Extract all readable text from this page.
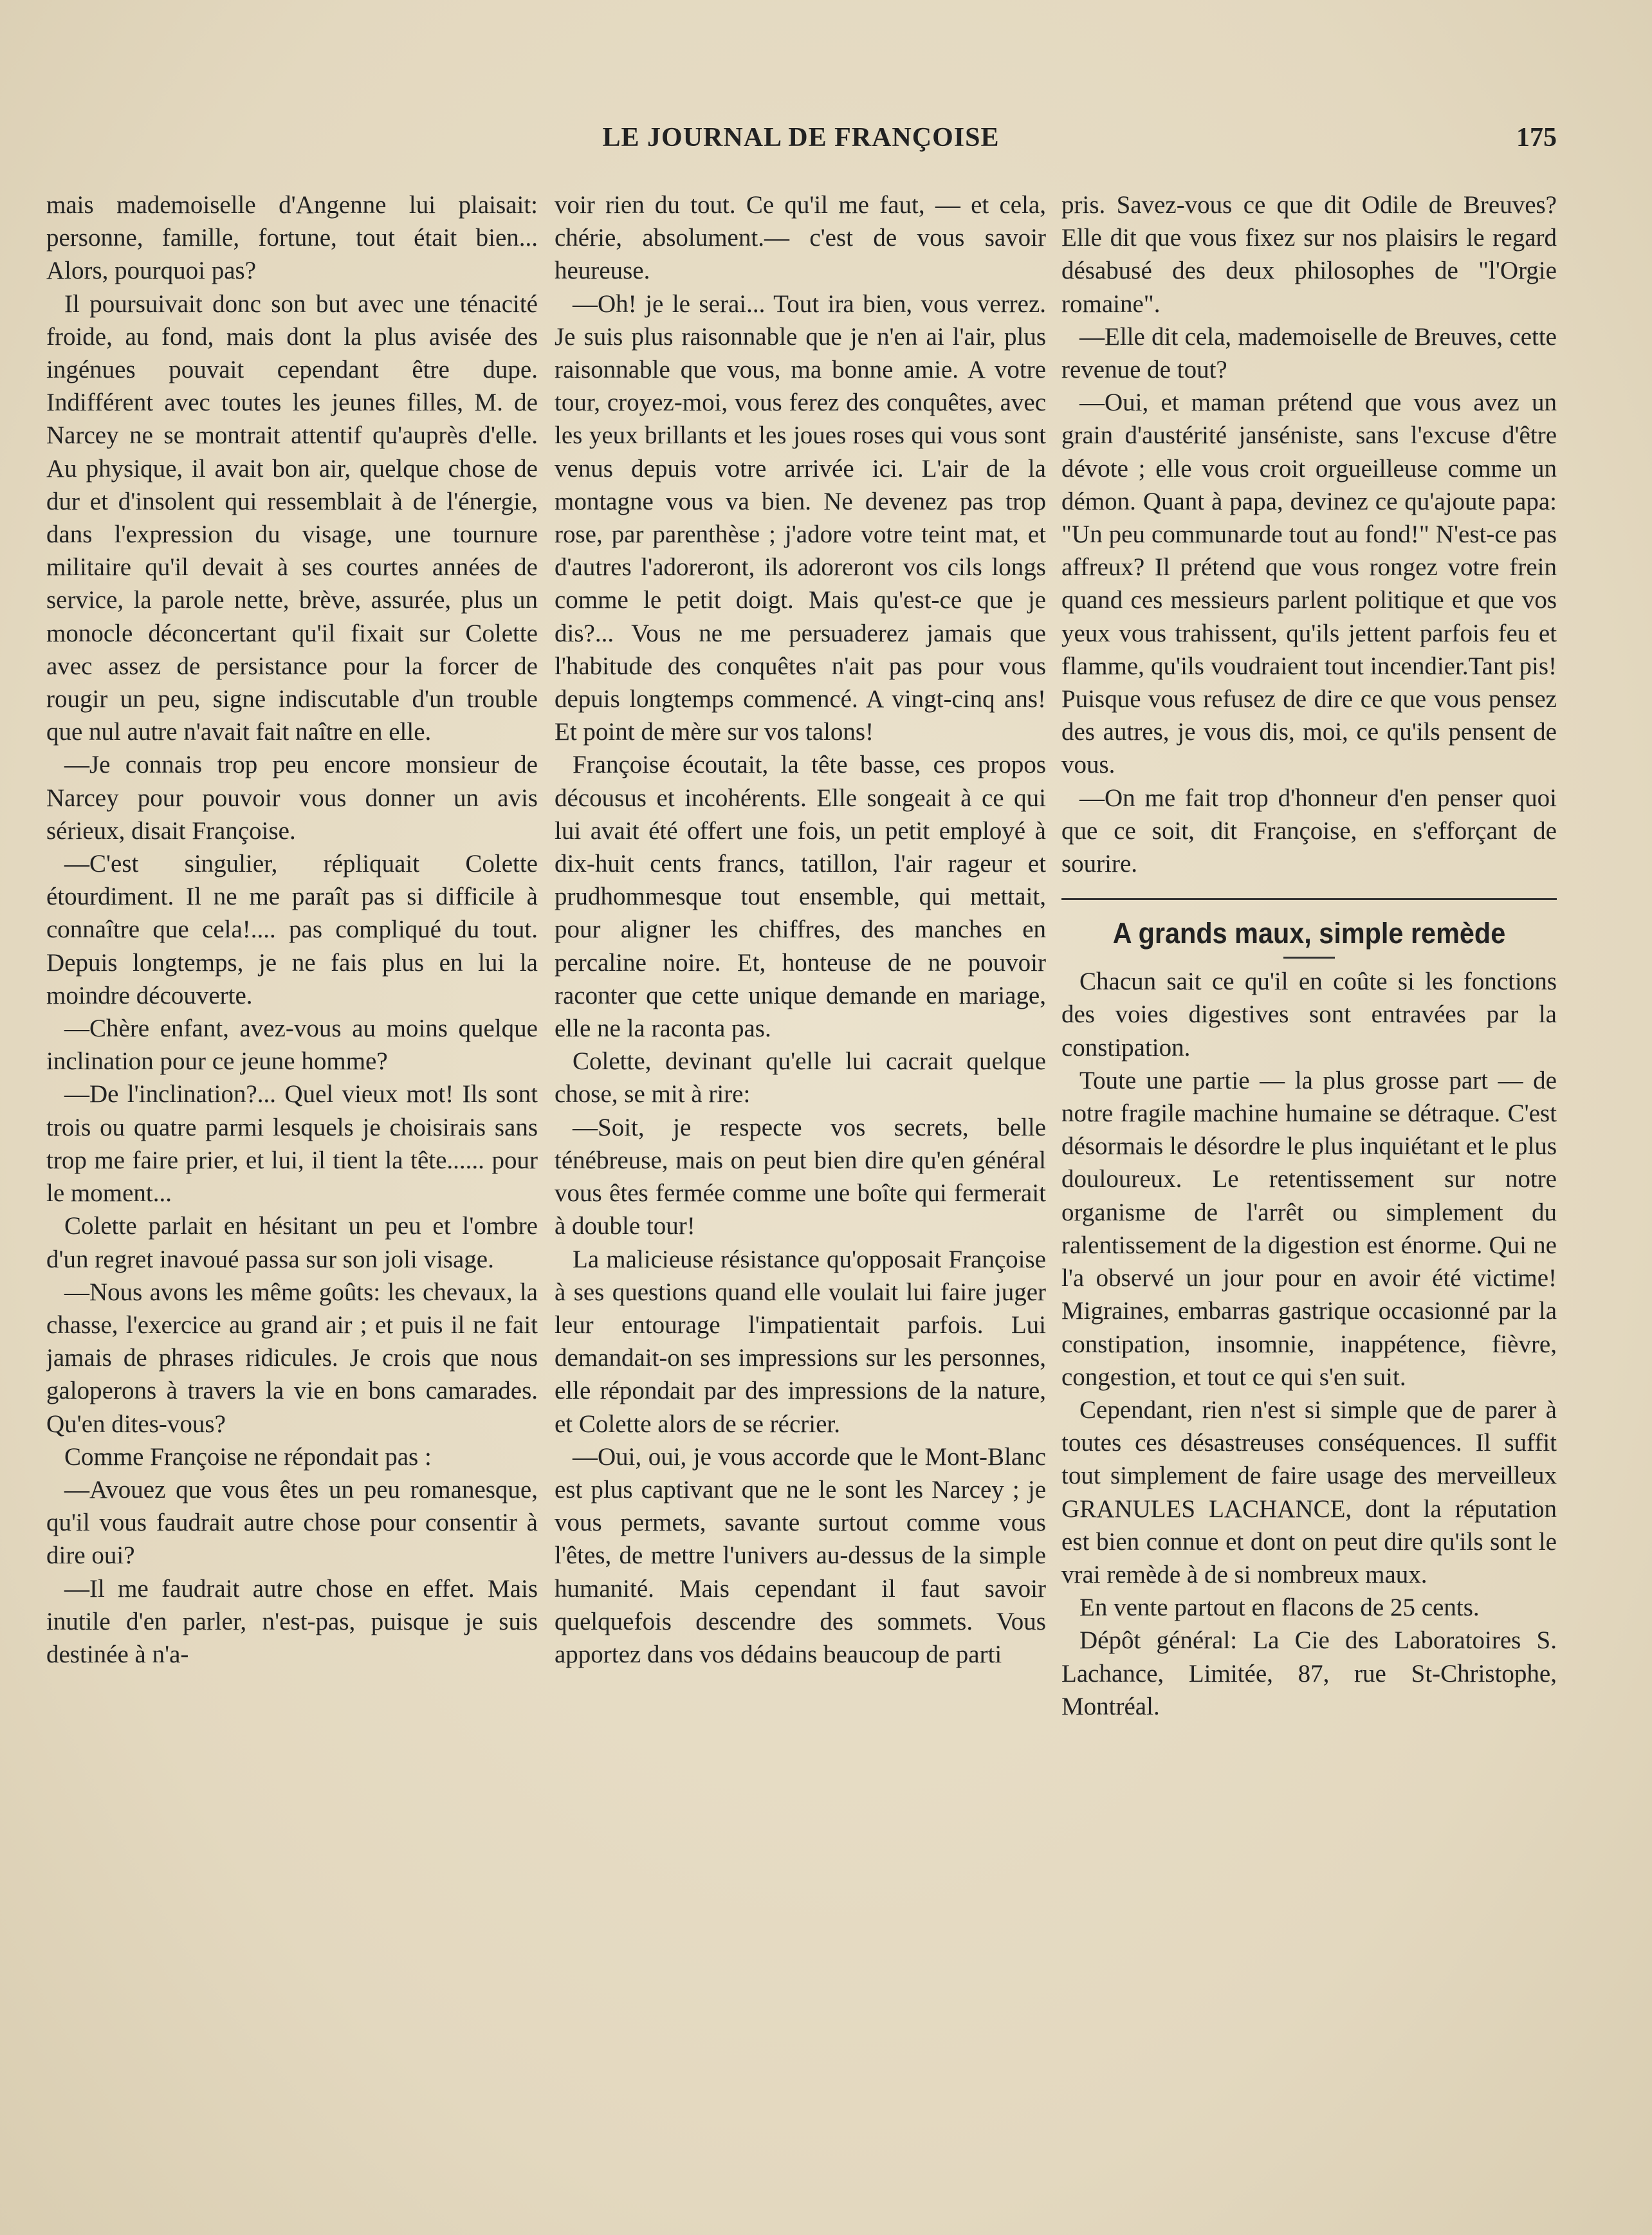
LE JOURNAL DE FRANÇOISE	175

mais mademoiselle d'Angenne lui plaisait: personne, famille, fortune, tout était bien... Alors, pourquoi pas?

Il poursuivait donc son but avec une ténacité froide, au fond, mais dont la plus avisée des ingénues pouvait cependant être dupe. Indifférent avec toutes les jeunes filles, M. de Narcey ne se montrait attentif qu'auprès d'elle. Au physique, il avait bon air, quelque chose de dur et d'insolent qui ressemblait à de l'énergie, dans l'expression du visage, une tournure militaire qu'il devait à ses courtes années de service, la parole nette, brève, assurée, plus un monocle déconcertant qu'il fixait sur Colette avec assez de persistance pour la forcer de rougir un peu, signe indiscutable d'un trouble que nul autre n'avait fait naître en elle.

—Je connais trop peu encore monsieur de Narcey pour pouvoir vous donner un avis sérieux, disait Françoise.

—C'est singulier, répliquait Colette étourdiment. Il ne me paraît pas si difficile à connaître que cela!.... pas compliqué du tout. Depuis longtemps, je ne fais plus en lui la moindre découverte.

—Chère enfant, avez-vous au moins quelque inclination pour ce jeune homme?

—De l'inclination?... Quel vieux mot! Ils sont trois ou quatre parmi lesquels je choisirais sans trop me faire prier, et lui, il tient la tête...... pour le moment...

Colette parlait en hésitant un peu et l'ombre d'un regret inavoué passa sur son joli visage.

—Nous avons les même goûts: les chevaux, la chasse, l'exercice au grand air ; et puis il ne fait jamais de phrases ridicules. Je crois que nous galoperons à travers la vie en bons camarades. Qu'en dites-vous?

Comme Françoise ne répondait pas :

—Avouez que vous êtes un peu romanesque, qu'il vous faudrait autre chose pour consentir à dire oui?

—Il me faudrait autre chose en effet. Mais inutile d'en parler, n'est-pas, puisque je suis destinée à n'a-

voir rien du tout. Ce qu'il me faut, — et cela, chérie, absolument.— c'est de vous savoir heureuse.

—Oh! je le serai... Tout ira bien, vous verrez. Je suis plus raisonnable que je n'en ai l'air, plus raisonnable que vous, ma bonne amie. A votre tour, croyez-moi, vous ferez des conquêtes, avec les yeux brillants et les joues roses qui vous sont venus depuis votre arrivée ici. L'air de la montagne vous va bien. Ne devenez pas trop rose, par parenthèse ; j'adore votre teint mat, et d'autres l'adoreront, ils adoreront vos cils longs comme le petit doigt. Mais qu'est-ce que je dis?... Vous ne me persuaderez jamais que l'habitude des conquêtes n'ait pas pour vous depuis longtemps commencé. A vingt-cinq ans! Et point de mère sur vos talons!

Françoise écoutait, la tête basse, ces propos décousus et incohérents. Elle songeait à ce qui lui avait été offert une fois, un petit employé à dix-huit cents francs, tatillon, l'air rageur et prudhommesque tout ensemble, qui mettait, pour aligner les chiffres, des manches en percaline noire. Et, honteuse de ne pouvoir raconter que cette unique demande en mariage, elle ne la raconta pas.

Colette, devinant qu'elle lui cacrait quelque chose, se mit à rire:

—Soit, je respecte vos secrets, belle ténébreuse, mais on peut bien dire qu'en général vous êtes fermée comme une boîte qui fermerait à double tour!

La malicieuse résistance qu'opposait Françoise à ses questions quand elle voulait lui faire juger leur entourage l'impatientait parfois. Lui demandait-on ses impressions sur les personnes, elle répondait par des impressions de la nature, et Colette alors de se récrier.

—Oui, oui, je vous accorde que le Mont-Blanc est plus captivant que ne le sont les Narcey ; je vous permets, savante surtout comme vous l'êtes, de mettre l'univers au-dessus de la simple humanité. Mais cependant il faut savoir quelquefois descendre des sommets. Vous apportez dans vos dédains beaucoup de parti

pris. Savez-vous ce que dit Odile de Breuves? Elle dit que vous fixez sur nos plaisirs le regard désabusé des deux philosophes de "l'Orgie romaine".

—Elle dit cela, mademoiselle de Breuves, cette revenue de tout?

—Oui, et maman prétend que vous avez un grain d'austérité janséniste, sans l'excuse d'être dévote ; elle vous croit orgueilleuse comme un démon. Quant à papa, devinez ce qu'ajoute papa: "Un peu communarde tout au fond!" N'est-ce pas affreux? Il prétend que vous rongez votre frein quand ces messieurs parlent politique et que vos yeux vous trahissent, qu'ils jettent parfois feu et flamme, qu'ils voudraient tout incendier.Tant pis! Puisque vous refusez de dire ce que vous pensez des autres, je vous dis, moi, ce qu'ils pensent de vous.

—On me fait trop d'honneur d'en penser quoi que ce soit, dit Françoise, en s'efforçant de sourire.

A grands maux, simple remède

Chacun sait ce qu'il en coûte si les fonctions des voies digestives sont entravées par la constipation.

Toute une partie — la plus grosse part — de notre fragile machine humaine se détraque. C'est désormais le désordre le plus inquiétant et le plus douloureux. Le retentissement sur notre organisme de l'arrêt ou simplement du ralentissement de la digestion est énorme. Qui ne l'a observé un jour pour en avoir été victime! Migraines, embarras gastrique occasionné par la constipation, insomnie, inappétence, fièvre, congestion, et tout ce qui s'en suit.

Cependant, rien n'est si simple que de parer à toutes ces désastreuses conséquences. Il suffit tout simplement de faire usage des merveilleux GRANULES LACHANCE, dont la réputation est bien connue et dont on peut dire qu'ils sont le vrai remède à de si nombreux maux.

En vente partout en flacons de 25 cents.

Dépôt général: La Cie des Laboratoires S. Lachance, Limitée, 87, rue St-Christophe, Montréal.
